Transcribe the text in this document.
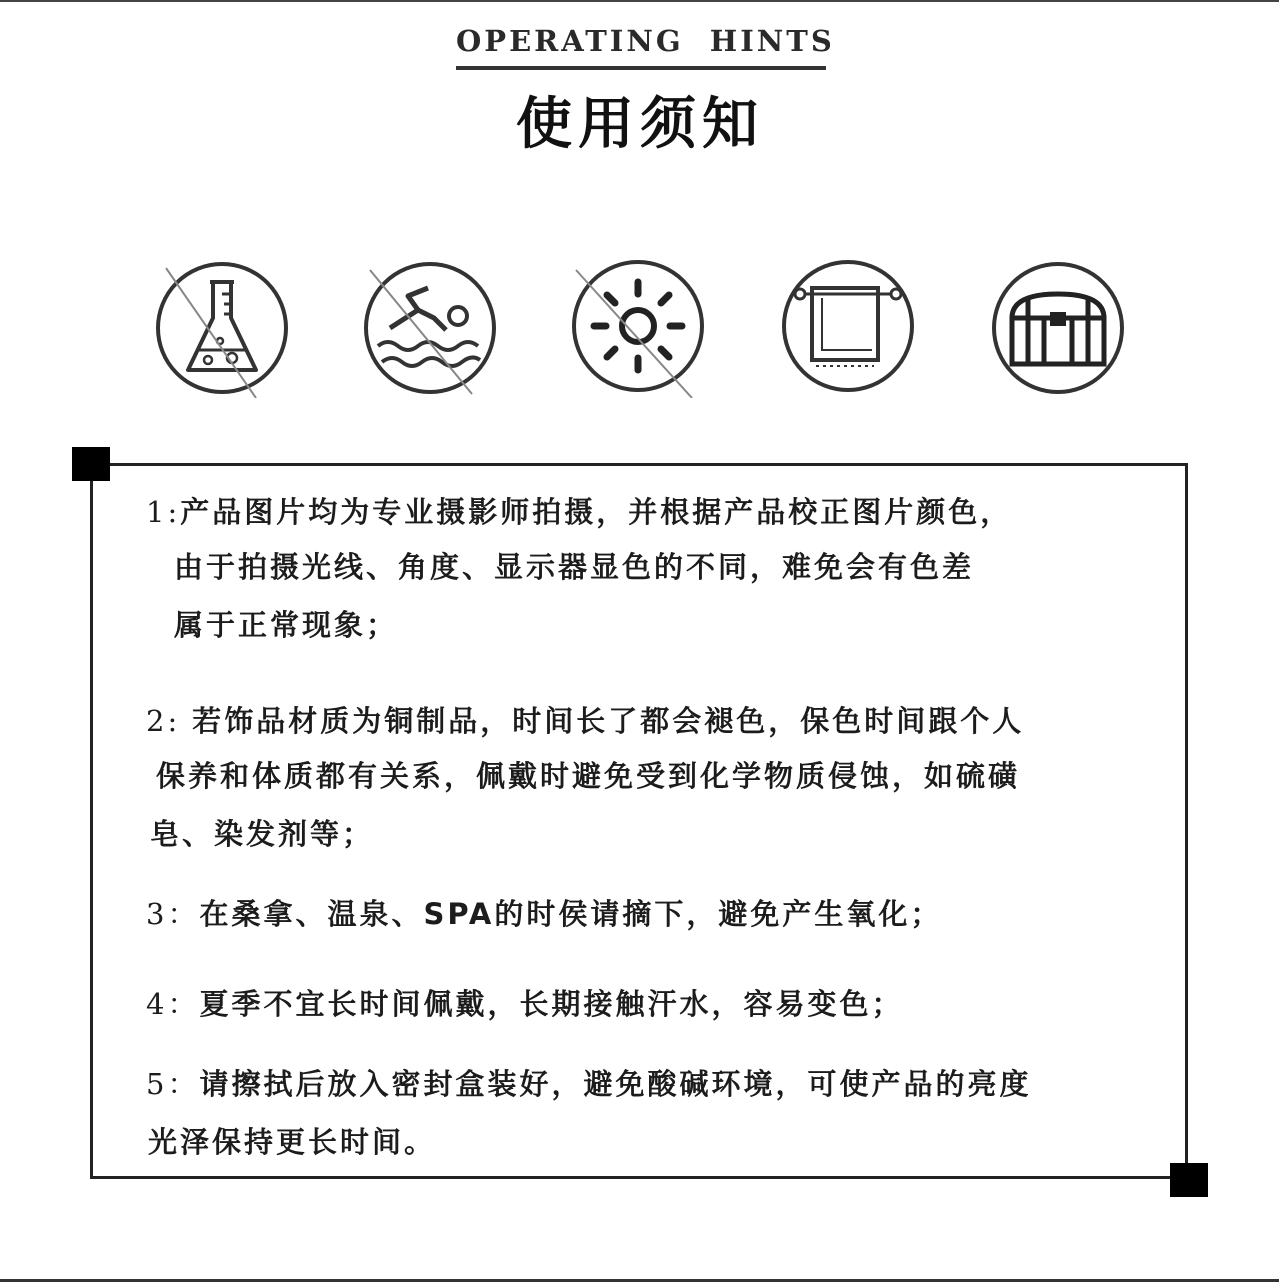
OPERATING  HINTS
使用须知
1:产品图片均为专业摄影师拍摄，并根据产品校正图片颜色，
由于拍摄光线、角度、显示器显色的不同，难免会有色差
属于正常现象；
2: 若饰品材质为铜制品，时间长了都会褪色，保色时间跟个人
保养和体质都有关系，佩戴时避免受到化学物质侵蚀，如硫磺
皂、染发剂等；
3：在桑拿、温泉、SPA的时侯请摘下，避免产生氧化；
4：夏季不宜长时间佩戴，长期接触汗水，容易变色；
5：请擦拭后放入密封盒装好，避免酸碱环境，可使产品的亮度
光泽保持更长时间。
